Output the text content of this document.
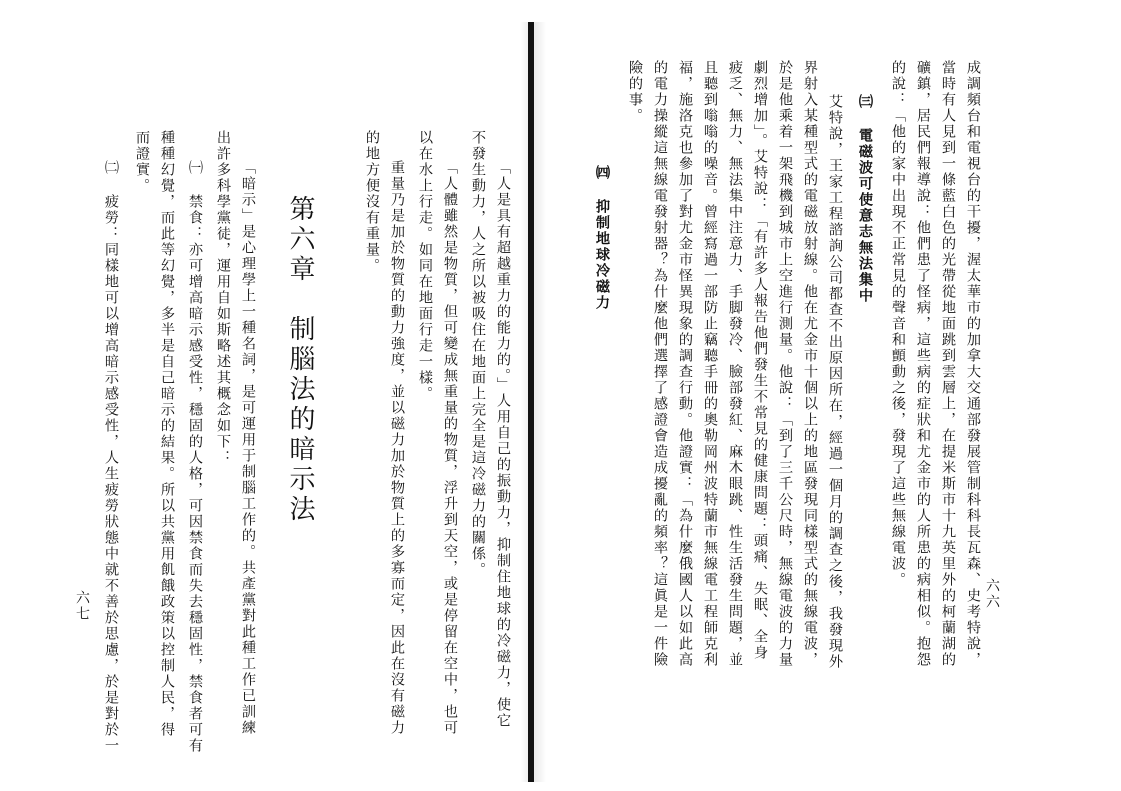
六六
成調頻台和電視台的干擾，渥太華市的加拿大交通部發展管制科科長瓦森、史考特說，
當時有人見到一條藍白色的光帶從地面跳到雲層上，在提米斯市十九英里外的柯蘭湖的
礦鎮，居民們報導說：他們患了怪病，這些病的症狀和尤金市的人所患的病相似。抱怨
的說：「他的家中出現不正常見的聲音和顫動之後，發現了這些無線電波。
㈢ 電磁波可使意志無法集中
艾特說，王家工程諮詢公司都查不出原因所在，經過一個月的調查之後，我發現外
界射入某種型式的電磁放射線。他在尤金市十個以上的地區發現同樣型式的無線電波，
於是他乘着一架飛機到城市上空進行測量。他說：「到了三千公尺時，無線電波的力量
劇烈增加」。艾特說：「有許多人報告他們發生不常見的健康問題：頭痛、失眠、全身
疲乏、無力、無法集中注意力、手脚發冷、臉部發紅、麻木眼跳、性生活發生問題，並
且聽到嗡嗡的噪音。曾經寫過一部防止竊聽手冊的奧勒岡州波特蘭市無線電工程師克利
福，施洛克也參加了對尤金市怪異現象的調查行動。他證實：「為什麼俄國人以如此高
的電力操縱這無線電發射器？為什麼他們選擇了感證會造成擾亂的頻率？這眞是一件險
險的事。
㈣ 抑制地球冷磁力
六七	「人是具有超越重力的能力的。」人用自己的振動力，抑制住地球的冷磁力，使它
不發生動力，人之所以被吸住在地面上完全是這冷磁力的關係。
「人體雖然是物質，但可變成無重量的物質，浮升到天空，或是停留在空中，也可
以在水上行走。如同在地面行走一樣。
重量乃是加於物質的動力強度，並以磁力加於物質上的多寡而定，因此在沒有磁力
的地方便沒有重量。
第六章　制腦法的暗示法
「暗示」是心理學上一種名詞，是可運用于制腦工作的。共產黨對此種工作已訓練
出許多科學黨徒，運用自如斯略述其概念如下：
㈠ 禁食：亦可增高暗示感受性，穩固的人格，可因禁食而失去穩固性，禁食者可有
種種幻覺，而此等幻覺，多半是自己暗示的結果。所以共黨用飢餓政策以控制人民，得
而證實。
㈡ 疲勞：同樣地可以增高暗示感受性，人生疲勞狀態中就不善於思慮，於是對於一
